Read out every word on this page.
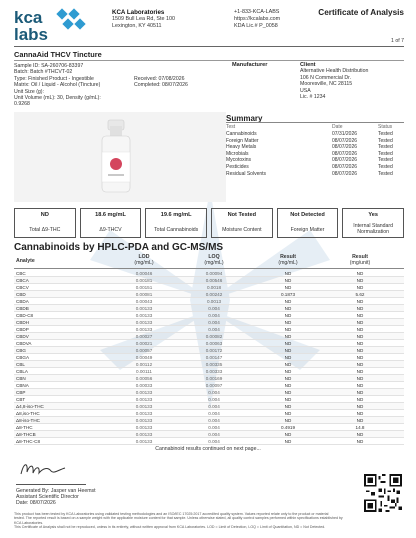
kca
labs
KCA Laboratories
1509 Bull Lea Rd, Ste 100
Lexington, KY 40511
+1-833-KCA-LABS
https://kcalabs.com
KDA Lic.# P_0058
Certificate of Analysis
1 of 7
CannaAid THCV Tincture
Sample ID: SA-260706-83397
Batch: Batch #THCVT-02
Type: Finished Product - Ingestible
Matrix: Oil / Liquid - Alcohol (Tincture)
Unit Size (g):
Unit Volume (mL): 30, Density (g/mL):
0.9268
Received: 07/08/2026
Completed: 08/07/2026
Manufacturer	Client
Alternative Health Distribution
106 N Commercial Dr.
Mooresville, NC 28115
USA
Lic. # 1234
Summary
Test	Date	Status
Cannabinoids	07/31/2026	Tested
Foreign Matter	08/07/2026	Tested
Heavy Metals	08/07/2026	Tested
Microbials	08/07/2026	Tested
Mycotoxins	08/07/2026	Tested
Pesticides	08/07/2026	Tested
Residual Solvents	08/07/2026	Tested
ND
Total Δ9-THC
18.6 mg/mL
Δ9-THCV
19.6 mg/mL
Total Cannabinoids
Not Tested
Moisture Content
Not Detected
Foreign Matter
Yes
Internal Standard Normalization
Cannabinoids by HPLC-PDA and GC-MS/MS
Analyte
LOD
(mg/mL)
LOQ
(mg/mL)
Result
(mg/mL)
Result
(mg/unit)
CBC	0.00046	0.00094	ND	ND
CBCA	0.00181	0.00546	ND	ND
CBCV	0.00151	0.0018	ND	ND
CBD	0.00081	0.00242	0.1873	5.62
CBDA	0.00043	0.0013	ND	ND
CBDB	0.00133	0.004	ND	ND
CBD-C8	0.00133	0.004	ND	ND
CBDH	0.00133	0.004	ND	ND
CBDP	0.00133	0.004	ND	ND
CBDV	0.00027	0.00082	ND	ND
CBDVA	0.00021	0.00063	ND	ND
CBG	0.00057	0.00172	ND	ND
CBGA	0.00049	0.00147	ND	ND
CBL	0.00112	0.00335	ND	ND
CBLA	0.00111	0.00333	ND	ND
CBN	0.00056	0.00169	ND	ND
CBNA	0.00033	0.00097	ND	ND
CBP	0.00133	0.004	ND	ND
CBT	0.00133	0.004	ND	ND
Δ4,8-iso-THC	0.00133	0.004	ND	ND
Δ8,iso-THC	0.00133	0.004	ND	ND
Δ8-iso-THC	0.00133	0.004	ND	ND
Δ8-THC	0.00133	0.004	0.4919	14.8
Δ8-THCB	0.00133	0.004	ND	ND
Δ8-THC-C8	0.00133	0.004	ND	ND
Cannabinoid results continued on next page...
Generated By: Jasper van Heemst
Assistant Scientific Director
Date: 08/07/2026
This product has been tested by KCA Laboratories using validated testing methodologies and an ISO/IEC 17025:2017 accredited quality system. Values reported relate only to the product or material
tested. The reported result is based on a sample weight with the applicable moisture content for that sample. Unless otherwise stated, all quality control samples performed within specifications established by KCA Laboratories.
This Certificate of Analysis shall not be reproduced, unless in its entirety, without written approval from KCA Laboratories. LOD = Limit of Detection, LOQ = Limit of Quantitation, ND = Not Detected.
